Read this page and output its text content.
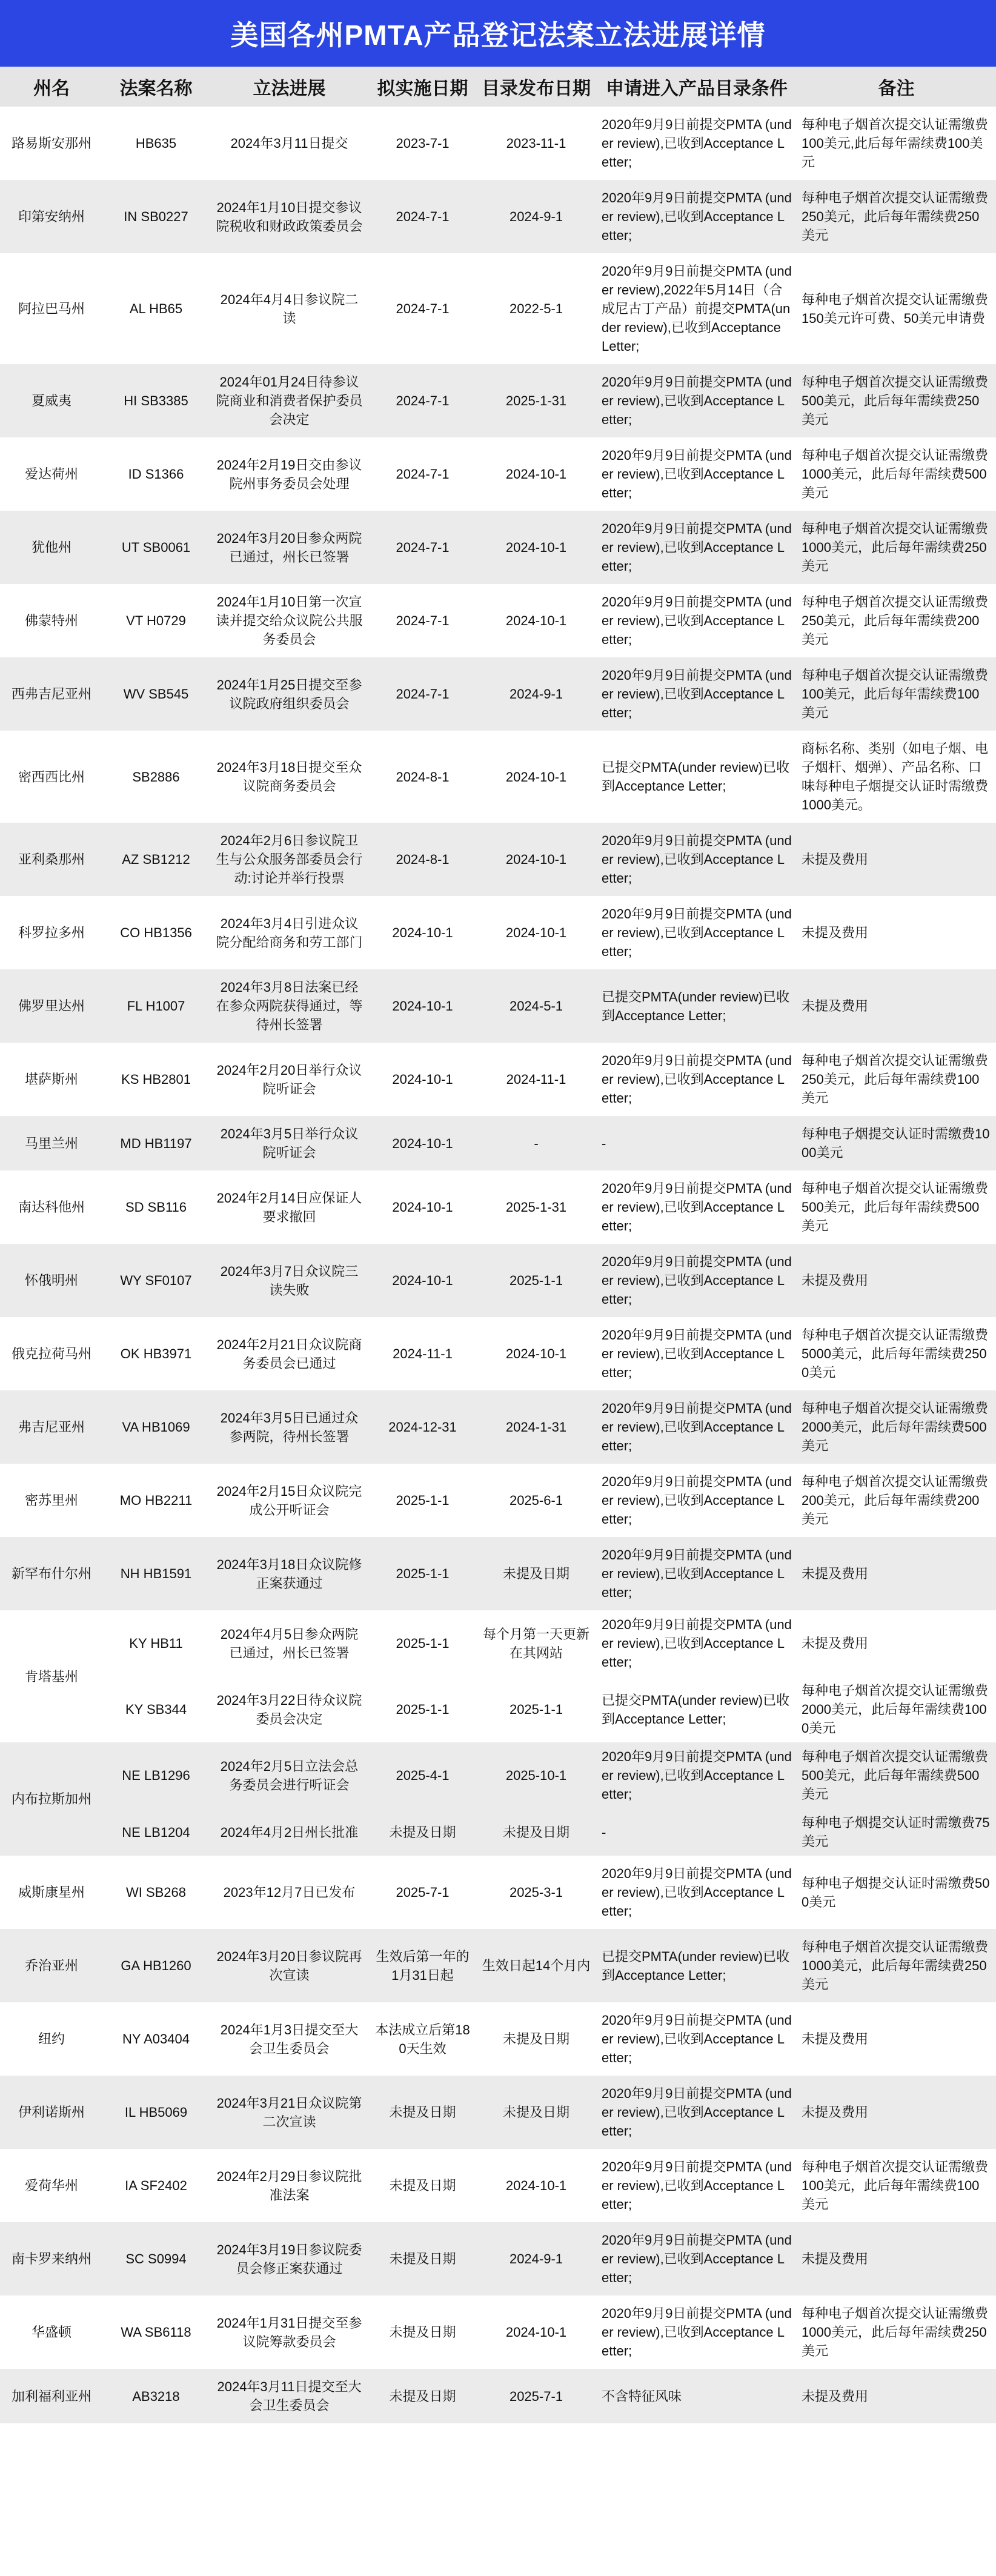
美国各州PMTA产品登记法案立法进展详情
州名	法案名称	立法进展	拟实施日期	目录发布日期	申请进入产品目录条件	备注
路易斯安那州	HB635	2024年3月11日提交	2023-7-1	2023-11-1	2020年9月9日前提交PMTA (under review),已收到Acceptance Letter;	每种电子烟首次提交认证需缴费100美元,此后每年需续费100美元
印第安纳州	IN SB0227	2024年1月10日提交参议院税收和财政政策委员会	2024-7-1	2024-9-1	2020年9月9日前提交PMTA (under review),已收到Acceptance Letter;	每种电子烟首次提交认证需缴费250美元，此后每年需续费250美元
阿拉巴马州	AL HB65	2024年4月4日参议院二读	2024-7-1	2022-5-1	2020年9月9日前提交PMTA (under review),2022年5月14日（合成尼古丁产品）前提交PMTA(under review),已收到Acceptance Letter;	每种电子烟首次提交认证需缴费150美元许可费、50美元申请费
夏威夷	HI SB3385	2024年01月24日待参议院商业和消费者保护委员会决定	2024-7-1	2025-1-31	2020年9月9日前提交PMTA (under review),已收到Acceptance Letter;	每种电子烟首次提交认证需缴费500美元，此后每年需续费250美元
爱达荷州	ID S1366	2024年2月19日交由参议院州事务委员会处理	2024-7-1	2024-10-1	2020年9月9日前提交PMTA (under review),已收到Acceptance Letter;	每种电子烟首次提交认证需缴费1000美元，此后每年需续费500美元
犹他州	UT SB0061	2024年3月20日参众两院已通过，州长已签署	2024-7-1	2024-10-1	2020年9月9日前提交PMTA (under review),已收到Acceptance Letter;	每种电子烟首次提交认证需缴费1000美元，此后每年需续费250美元
佛蒙特州	VT H0729	2024年1月10日第一次宣读并提交给众议院公共服务委员会	2024-7-1	2024-10-1	2020年9月9日前提交PMTA (under review),已收到Acceptance Letter;	每种电子烟首次提交认证需缴费250美元，此后每年需续费200美元
西弗吉尼亚州	WV SB545	2024年1月25日提交至参议院政府组织委员会	2024-7-1	2024-9-1	2020年9月9日前提交PMTA (under review),已收到Acceptance Letter;	每种电子烟首次提交认证需缴费100美元，此后每年需续费100美元
密西西比州	SB2886	2024年3月18日提交至众议院商务委员会	2024-8-1	2024-10-1	已提交PMTA(under review)已收到Acceptance Letter;	商标名称、类别（如电子烟、电子烟杆、烟弹）、产品名称、口味每种电子烟提交认证时需缴费1000美元。
亚利桑那州	AZ SB1212	2024年2月6日参议院卫生与公众服务部委员会行动:讨论并举行投票	2024-8-1	2024-10-1	2020年9月9日前提交PMTA (under review),已收到Acceptance Letter;	未提及费用
科罗拉多州	CO HB1356	2024年3月4日引进众议院分配给商务和劳工部门	2024-10-1	2024-10-1	2020年9月9日前提交PMTA (under review),已收到Acceptance Letter;	未提及费用
佛罗里达州	FL H1007	2024年3月8日法案已经在参众两院获得通过，等待州长签署	2024-10-1	2024-5-1	已提交PMTA(under review)已收到Acceptance Letter;	未提及费用
堪萨斯州	KS HB2801	2024年2月20日举行众议院听证会	2024-10-1	2024-11-1	2020年9月9日前提交PMTA (under review),已收到Acceptance Letter;	每种电子烟首次提交认证需缴费250美元，此后每年需续费100美元
马里兰州	MD HB1197	2024年3月5日举行众议院听证会	2024-10-1	-	-	每种电子烟提交认证时需缴费1000美元
南达科他州	SD SB116	2024年2月14日应保证人要求撤回	2024-10-1	2025-1-31	2020年9月9日前提交PMTA (under review),已收到Acceptance Letter;	每种电子烟首次提交认证需缴费500美元，此后每年需续费500美元
怀俄明州	WY SF0107	2024年3月7日众议院三读失败	2024-10-1	2025-1-1	2020年9月9日前提交PMTA (under review),已收到Acceptance Letter;	未提及费用
俄克拉荷马州	OK HB3971	2024年2月21日众议院商务委员会已通过	2024-11-1	2024-10-1	2020年9月9日前提交PMTA (under review),已收到Acceptance Letter;	每种电子烟首次提交认证需缴费5000美元，此后每年需续费2500美元
弗吉尼亚州	VA HB1069	2024年3月5日已通过众参两院，待州长签署	2024-12-31	2024-1-31	2020年9月9日前提交PMTA (under review),已收到Acceptance Letter;	每种电子烟首次提交认证需缴费2000美元，此后每年需续费500美元
密苏里州	MO HB2211	2024年2月15日众议院完成公开听证会	2025-1-1	2025-6-1	2020年9月9日前提交PMTA (under review),已收到Acceptance Letter;	每种电子烟首次提交认证需缴费200美元，此后每年需续费200美元
新罕布什尔州	NH HB1591	2024年3月18日众议院修正案获通过	2025-1-1	未提及日期	2020年9月9日前提交PMTA (under review),已收到Acceptance Letter;	未提及费用
肯塔基州	KY HB11	2024年4月5日参众两院已通过，州长已签署	2025-1-1	每个月第一天更新在其网站	2020年9月9日前提交PMTA (under review),已收到Acceptance Letter;	未提及费用
	KY SB344	2024年3月22日待众议院委员会决定	2025-1-1	2025-1-1	已提交PMTA(under review)已收到Acceptance Letter;	每种电子烟首次提交认证需缴费2000美元，此后每年需续费1000美元
内布拉斯加州	NE LB1296	2024年2月5日立法会总务委员会进行听证会	2025-4-1	2025-10-1	2020年9月9日前提交PMTA (under review),已收到Acceptance Letter;	每种电子烟首次提交认证需缴费500美元，此后每年需续费500美元
	NE LB1204	2024年4月2日州长批准	未提及日期	未提及日期	-	每种电子烟提交认证时需缴费75美元
威斯康星州	WI SB268	2023年12月7日已发布	2025-7-1	2025-3-1	2020年9月9日前提交PMTA (under review),已收到Acceptance Letter;	每种电子烟提交认证时需缴费500美元
乔治亚州	GA HB1260	2024年3月20日参议院再次宣读	生效后第一年的1月31日起	生效日起14个月内	已提交PMTA(under review)已收到Acceptance Letter;	每种电子烟首次提交认证需缴费1000美元，此后每年需续费250美元
纽约	NY A03404	2024年1月3日提交至大会卫生委员会	本法成立后第180天生效	未提及日期	2020年9月9日前提交PMTA (under review),已收到Acceptance Letter;	未提及费用
伊利诺斯州	IL HB5069	2024年3月21日众议院第二次宣读	未提及日期	未提及日期	2020年9月9日前提交PMTA (under review),已收到Acceptance Letter;	未提及费用
爱荷华州	IA SF2402	2024年2月29日参议院批准法案	未提及日期	2024-10-1	2020年9月9日前提交PMTA (under review),已收到Acceptance Letter;	每种电子烟首次提交认证需缴费100美元，此后每年需续费100美元
南卡罗来纳州	SC S0994	2024年3月19日参议院委员会修正案获通过	未提及日期	2024-9-1	2020年9月9日前提交PMTA (under review),已收到Acceptance Letter;	未提及费用
华盛顿	WA SB6118	2024年1月31日提交至参议院筹款委员会	未提及日期	2024-10-1	2020年9月9日前提交PMTA (under review),已收到Acceptance Letter;	每种电子烟首次提交认证需缴费1000美元，此后每年需续费250美元
加利福利亚州	AB3218	2024年3月11日提交至大会卫生委员会	未提及日期	2025-7-1	不含特征风味	未提及费用
